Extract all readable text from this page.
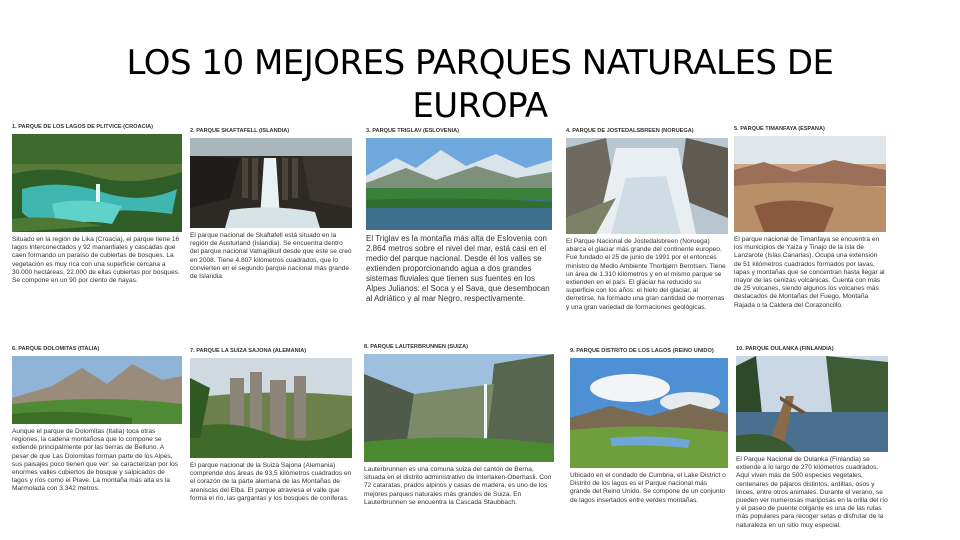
LOS 10 MEJORES PARQUES NATURALES DE
EUROPA
1. PARQUE DE LOS LAGOS DE PLITVICE (CROACIA)
Situado en la región de Lika (Croacia), el parque tiene 16 lagos interconectados y 92 manantiales y cascadas que caen formando un paraíso de cubiertas de bosques. La vegetación es muy rica con una superficie cercana a 30.000 hectáreas, 22.000 de ellas cubiertas por bosques. Se compone en un 90 por ciento de hayas.
2. PARQUE SKAFTAFELL (ISLANDIA)
El parque nacional de Skaftafell está situado en la región de Austurland (Islandia). Se encuentra dentro del parque nacional Vatnajökull desde que este se creó en 2008. Tiene 4.807 kilómetros cuadrados, que lo convierten en el segundo parque nacional más grande de Islandia.
3. PARQUE TRIGLAV (ESLOVENIA)
El Triglav es la montaña más alta de Eslovenia con 2.864 metros sobre el nivel del mar, está casi en el medio del parque nacional. Desde él los valles se extienden proporcionando agua a dos grandes sistemas fluviales que tienen sus fuentes en los Alpes Julianos: el Soca y el Sava, que desembocan al Adriático y al mar Negro, respectivamente.
4. PARQUE DE JOSTEDALSBREEN (NORUEGA)
El Parque Nacional de Jostedalsbreen (Noruega) abarca el glaciar más grande del continente europeo. Fue fundado el 25 de junio de 1991 por el entonces ministro de Medio Ambiente Thorbjørn Berntsen. Tiene un área de 1.310 kilómetros y en el mismo parque se extienden en el país. El glaciar ha reducido su superficie con los años: el hielo del glaciar, al derretirse, ha formado una gran cantidad de morrenas y una gran variedad de formaciones geológicas.
5. PARQUE TIMANFAYA (ESPAÑA)
El parque nacional de Timanfaya se encuentra en los municipios de Yaiza y Tinajo de la isla de Lanzarote (Islas Canarias). Ocupa una extensión de 51 kilómetros cuadrados formados por lavas, lapas y montañas que se concentran hasta llegar al mayor de las cenizas volcánicas. Cuenta con más de 25 volcanes, siendo algunos los volcanes más destacados de Montañas del Fuego, Montaña Rajada o la Caldera del Corazoncillo.
6. PARQUE DOLOMITAS (ITALIA)
Aunque el parque de Dolomitas (Italia) toca otras regiones, la cadena montañosa que lo compone se extiende principalmente por las tierras de Belluno. A pesar de que Las Dolomitas forman parte de los Alpes, sus paisajes poco tienen que ver: se caracterizan por los enormes valles cubiertos de bosque y salpicados de lagos y ríos como el Piave. La montaña más alta es la Marmolada con 3.342 metros.
7. PARQUE LA SUIZA SAJONA (ALEMANIA)
El parque nacional de la Suiza Sajona (Alemania) comprende dos áreas de 93,5 kilómetros cuadrados en el corazón de la parte alemana de las Montañas de areniscas del Elba. El parque atraviesa el valle que forma el río, las gargantas y los bosques de coníferas.
8. PARQUE LAUTERBRUNNEN (SUIZA)
Lauterbrunnen es una comuna suiza del cantón de Berna, situada en el distrito administrativo de Interlaken-Oberhasli. Con 72 cataratas, prados alpinos y casas de madera, es uno de los mejores parques naturales más grandes de Suiza. En Lauterbrunnen se encuentra la Cascada Staubbach.
9. PARQUE DISTRITO DE LOS LAGOS (REINO UNIDO)
Ubicado en el condado de Cumbria, el Lake District o Distrito de los lagos es el Parque nacional más grande del Reino Unido. Se compone de un conjunto de lagos insertados entre verdes montañas.
10. PARQUE OULANKA (FINLANDIA)
El Parque Nacional de Oulanka (Finlandia) se extiende a lo largo de 270 kilómetros cuadrados. Aquí viven más de 500 especies vegetales, centenares de pájaros distintos, ardillas, osos y linces, entre otros animales. Durante el verano, se pueden ver numerosas mariposas en la orilla del río y el paseo de puente colgante es una de las rutas más populares para recoger setas o disfrutar de la naturaleza en un sitio muy especial.
